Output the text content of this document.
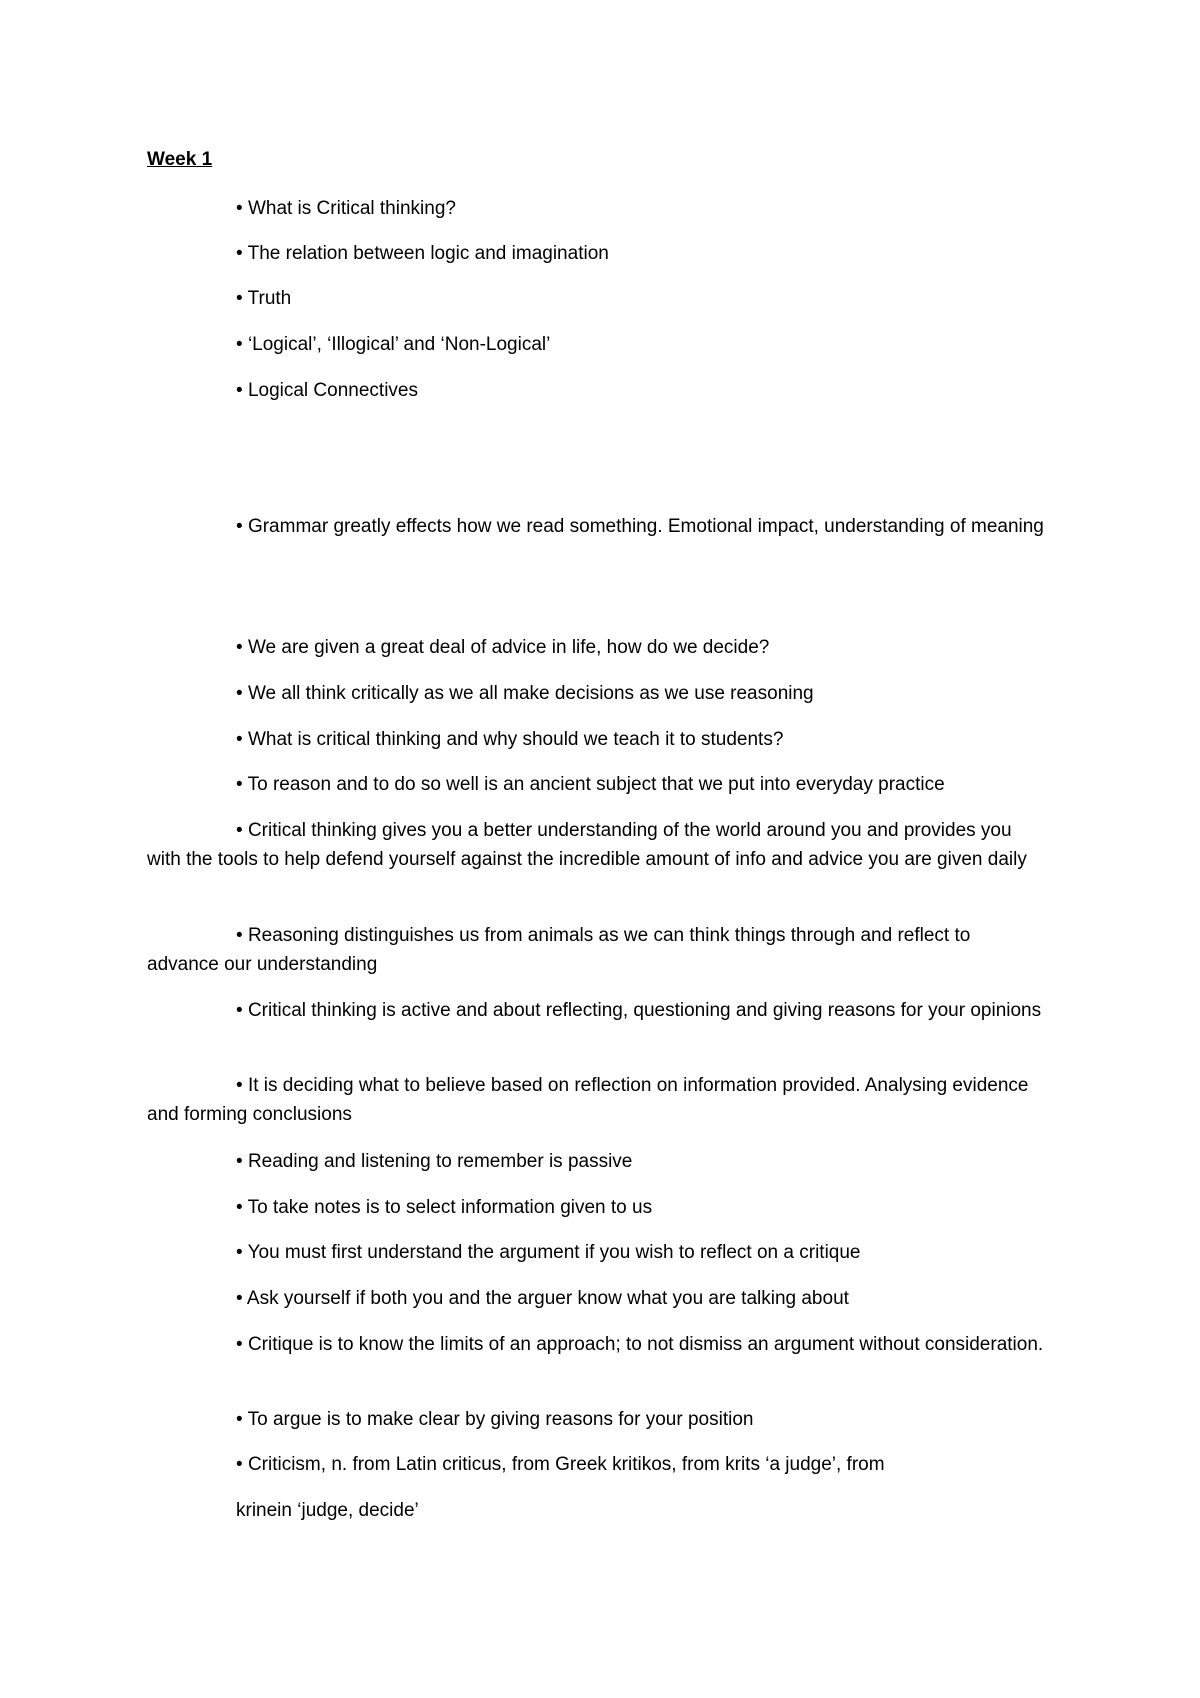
Week 1

• What is Critical thinking?

• The relation between logic and imagination

• Truth

• ‘Logical’, ‘Illogical’ and ‘Non-Logical’

• Logical Connectives

• Grammar greatly effects how we read something. Emotional impact, understanding of meaning

• We are given a great deal of advice in life, how do we decide?

• We all think critically as we all make decisions as we use reasoning

• What is critical thinking and why should we teach it to students?

• To reason and to do so well is an ancient subject that we put into everyday practice

• Critical thinking gives you a better understanding of the world around you and provides you with the tools to help defend yourself against the incredible amount of info and advice you are given daily

• Reasoning distinguishes us from animals as we can think things through and reflect to advance our understanding

• Critical thinking is active and about reflecting, questioning and giving reasons for your opinions

• It is deciding what to believe based on reflection on information provided. Analysing evidence and forming conclusions

• Reading and listening to remember is passive

• To take notes is to select information given to us

• You must first understand the argument if you wish to reflect on a critique

• Ask yourself if both you and the arguer know what you are talking about

• Critique is to know the limits of an approach; to not dismiss an argument without consideration.

• To argue is to make clear by giving reasons for your position

• Criticism, n. from Latin criticus, from Greek kritikos, from krits ‘a judge’, from

krinein ‘judge, decide’
